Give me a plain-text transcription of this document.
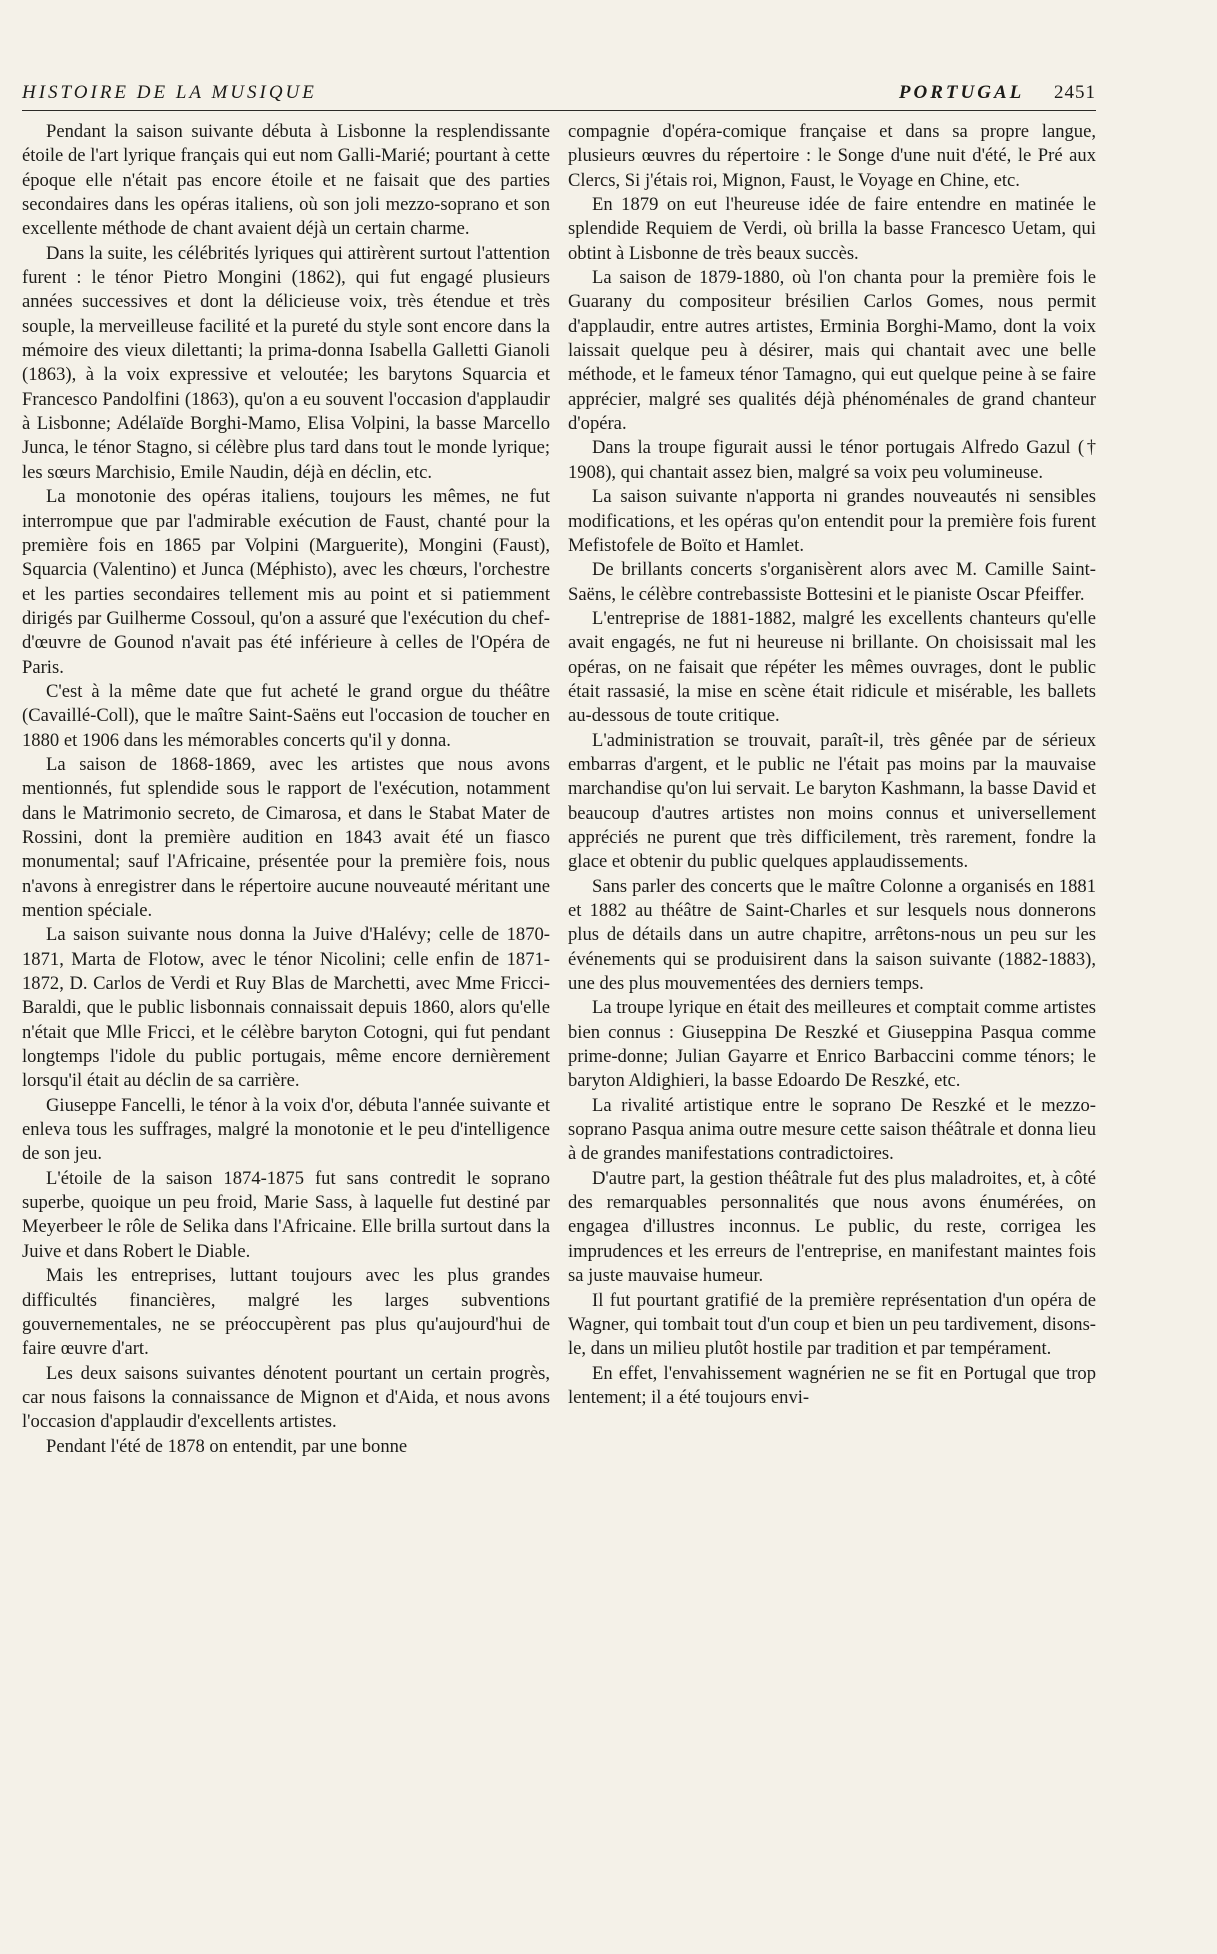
HISTOIRE DE LA MUSIQUE	PORTUGAL 2451

Pendant la saison suivante débuta à Lisbonne la resplendissante étoile de l'art lyrique français qui eut nom Galli-Marié; pourtant à cette époque elle n'était pas encore étoile et ne faisait que des parties secondaires dans les opéras italiens, où son joli mezzo-soprano et son excellente méthode de chant avaient déjà un certain charme.

Dans la suite, les célébrités lyriques qui attirèrent surtout l'attention furent : le ténor Pietro Mongini (1862), qui fut engagé plusieurs années successives et dont la délicieuse voix, très étendue et très souple, la merveilleuse facilité et la pureté du style sont encore dans la mémoire des vieux dilettanti; la prima-donna Isabella Galletti Gianoli (1863), à la voix expressive et veloutée; les barytons Squarcia et Francesco Pandolfini (1863), qu'on a eu souvent l'occasion d'applaudir à Lisbonne; Adélaïde Borghi-Mamo, Elisa Volpini, la basse Marcello Junca, le ténor Stagno, si célèbre plus tard dans tout le monde lyrique; les sœurs Marchisio, Emile Naudin, déjà en déclin, etc.

La monotonie des opéras italiens, toujours les mêmes, ne fut interrompue que par l'admirable exécution de Faust, chanté pour la première fois en 1865 par Volpini (Marguerite), Mongini (Faust), Squarcia (Valentino) et Junca (Méphisto), avec les chœurs, l'orchestre et les parties secondaires tellement mis au point et si patiemment dirigés par Guilherme Cossoul, qu'on a assuré que l'exécution du chef-d'œuvre de Gounod n'avait pas été inférieure à celles de l'Opéra de Paris.

C'est à la même date que fut acheté le grand orgue du théâtre (Cavaillé-Coll), que le maître Saint-Saëns eut l'occasion de toucher en 1880 et 1906 dans les mémorables concerts qu'il y donna.

La saison de 1868-1869, avec les artistes que nous avons mentionnés, fut splendide sous le rapport de l'exécution, notamment dans le Matrimonio secreto, de Cimarosa, et dans le Stabat Mater de Rossini, dont la première audition en 1843 avait été un fiasco monumental; sauf l'Africaine, présentée pour la première fois, nous n'avons à enregistrer dans le répertoire aucune nouveauté méritant une mention spéciale.

La saison suivante nous donna la Juive d'Halévy; celle de 1870-1871, Marta de Flotow, avec le ténor Nicolini; celle enfin de 1871-1872, D. Carlos de Verdi et Ruy Blas de Marchetti, avec Mme Fricci-Baraldi, que le public lisbonnais connaissait depuis 1860, alors qu'elle n'était que Mlle Fricci, et le célèbre baryton Cotogni, qui fut pendant longtemps l'idole du public portugais, même encore dernièrement lorsqu'il était au déclin de sa carrière.

Giuseppe Fancelli, le ténor à la voix d'or, débuta l'année suivante et enleva tous les suffrages, malgré la monotonie et le peu d'intelligence de son jeu.

L'étoile de la saison 1874-1875 fut sans contredit le soprano superbe, quoique un peu froid, Marie Sass, à laquelle fut destiné par Meyerbeer le rôle de Selika dans l'Africaine. Elle brilla surtout dans la Juive et dans Robert le Diable.

Mais les entreprises, luttant toujours avec les plus grandes difficultés financières, malgré les larges subventions gouvernementales, ne se préoccupèrent pas plus qu'aujourd'hui de faire œuvre d'art.

Les deux saisons suivantes dénotent pourtant un certain progrès, car nous faisons la connaissance de Mignon et d'Aida, et nous avons l'occasion d'applaudir d'excellents artistes.

Pendant l'été de 1878 on entendit, par une bonne

compagnie d'opéra-comique française et dans sa propre langue, plusieurs œuvres du répertoire : le Songe d'une nuit d'été, le Pré aux Clercs, Si j'étais roi, Mignon, Faust, le Voyage en Chine, etc.

En 1879 on eut l'heureuse idée de faire entendre en matinée le splendide Requiem de Verdi, où brilla la basse Francesco Uetam, qui obtint à Lisbonne de très beaux succès.

La saison de 1879-1880, où l'on chanta pour la première fois le Guarany du compositeur brésilien Carlos Gomes, nous permit d'applaudir, entre autres artistes, Erminia Borghi-Mamo, dont la voix laissait quelque peu à désirer, mais qui chantait avec une belle méthode, et le fameux ténor Tamagno, qui eut quelque peine à se faire apprécier, malgré ses qualités déjà phénoménales de grand chanteur d'opéra.

Dans la troupe figurait aussi le ténor portugais Alfredo Gazul († 1908), qui chantait assez bien, malgré sa voix peu volumineuse.

La saison suivante n'apporta ni grandes nouveautés ni sensibles modifications, et les opéras qu'on entendit pour la première fois furent Mefistofele de Boïto et Hamlet.

De brillants concerts s'organisèrent alors avec M. Camille Saint-Saëns, le célèbre contrebassiste Bottesini et le pianiste Oscar Pfeiffer.

L'entreprise de 1881-1882, malgré les excellents chanteurs qu'elle avait engagés, ne fut ni heureuse ni brillante. On choisissait mal les opéras, on ne faisait que répéter les mêmes ouvrages, dont le public était rassasié, la mise en scène était ridicule et misérable, les ballets au-dessous de toute critique.

L'administration se trouvait, paraît-il, très gênée par de sérieux embarras d'argent, et le public ne l'était pas moins par la mauvaise marchandise qu'on lui servait. Le baryton Kashmann, la basse David et beaucoup d'autres artistes non moins connus et universellement appréciés ne purent que très difficilement, très rarement, fondre la glace et obtenir du public quelques applaudissements.

Sans parler des concerts que le maître Colonne a organisés en 1881 et 1882 au théâtre de Saint-Charles et sur lesquels nous donnerons plus de détails dans un autre chapitre, arrêtons-nous un peu sur les événements qui se produisirent dans la saison suivante (1882-1883), une des plus mouvementées des derniers temps.

La troupe lyrique en était des meilleures et comptait comme artistes bien connus : Giuseppina De Reszké et Giuseppina Pasqua comme prime-donne; Julian Gayarre et Enrico Barbaccini comme ténors; le baryton Aldighieri, la basse Edoardo De Reszké, etc.

La rivalité artistique entre le soprano De Reszké et le mezzo-soprano Pasqua anima outre mesure cette saison théâtrale et donna lieu à de grandes manifestations contradictoires.

D'autre part, la gestion théâtrale fut des plus maladroites, et, à côté des remarquables personnalités que nous avons énumérées, on engagea d'illustres inconnus. Le public, du reste, corrigea les imprudences et les erreurs de l'entreprise, en manifestant maintes fois sa juste mauvaise humeur.

Il fut pourtant gratifié de la première représentation d'un opéra de Wagner, qui tombait tout d'un coup et bien un peu tardivement, disons-le, dans un milieu plutôt hostile par tradition et par tempérament.

En effet, l'envahissement wagnérien ne se fit en Portugal que trop lentement; il a été toujours envi-
